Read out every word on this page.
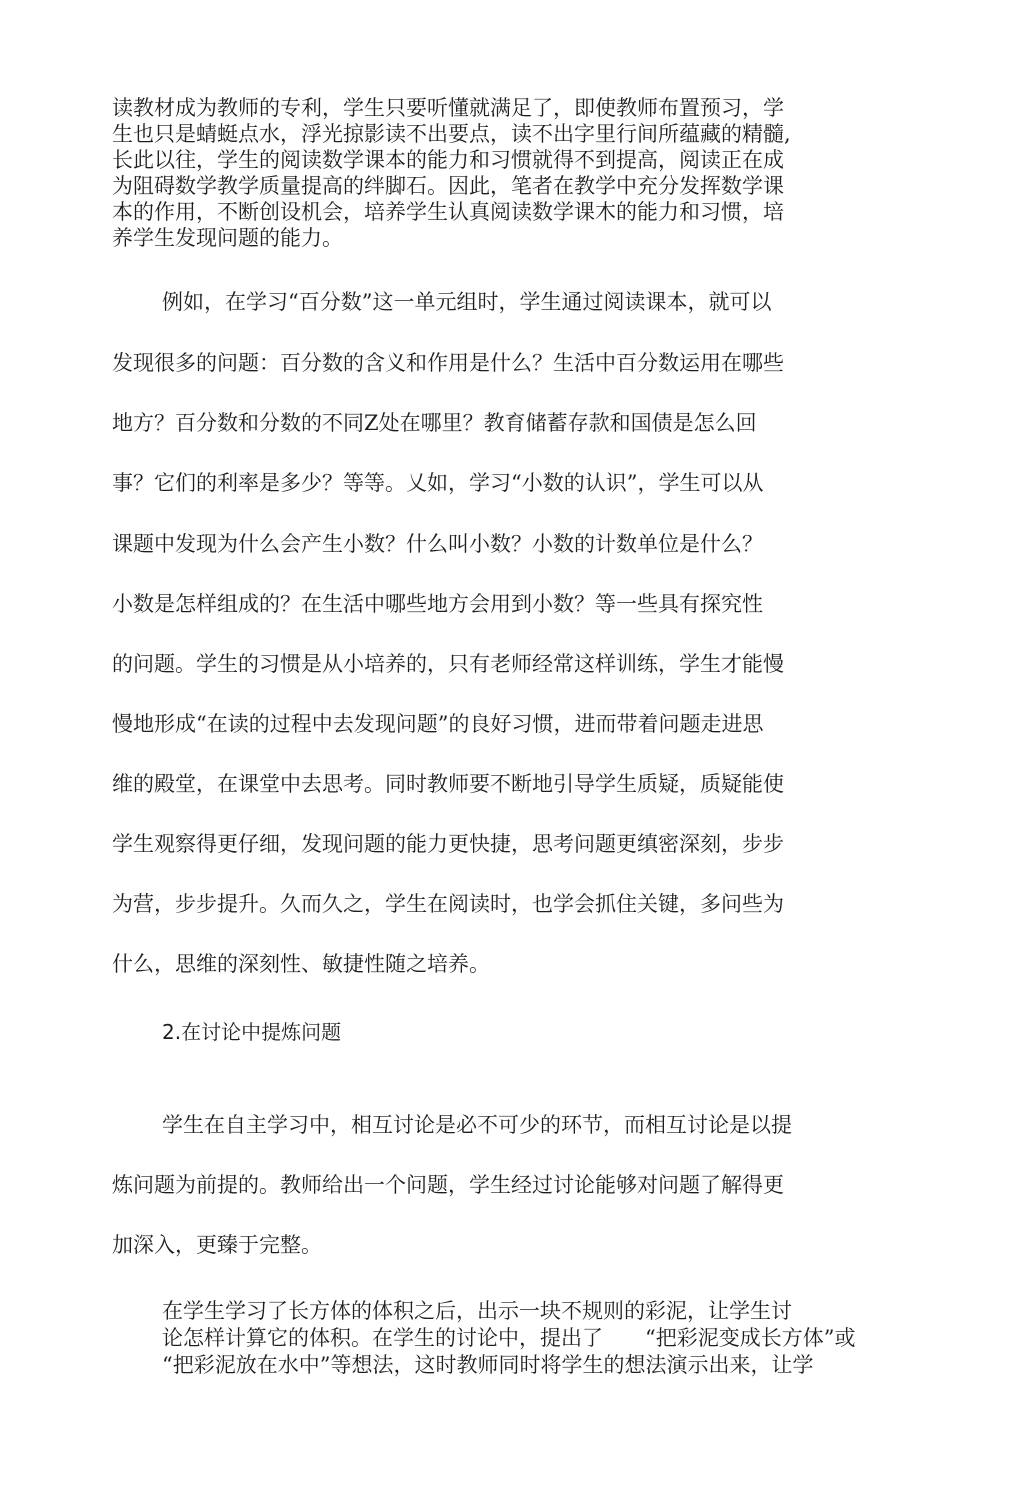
读教材成为教师的专利，学生只要听懂就满足了，即使教师布置预习，学
生也只是蜻蜓点水，浮光掠影读不出要点，读不出字里行间所蕴藏的精髓,
长此以往，学生的阅读数学课本的能力和习惯就得不到提高，阅读正在成
为阻碍数学教学质量提高的绊脚石。因此，笔者在教学中充分发挥数学课
本的作用，不断创设机会，培养学生认真阅读数学课木的能力和习惯，培
养学生发现问题的能力。
例如，在学习“百分数”这一单元组时，学生通过阅读课本，就可以
发现很多的问题：百分数的含义和作用是什么？生活中百分数运用在哪些
地方？百分数和分数的不同Z处在哪里？教育储蓄存款和国债是怎么回
事？它们的利率是多少？等等。乂如，学习“小数的认识”，学生可以从
课题中发现为什么会产生小数？什么叫小数？小数的计数单位是什么？
小数是怎样组成的？在生活中哪些地方会用到小数？等一些具有探究性
的问题。学生的习惯是从小培养的，只有老师经常这样训练，学生才能慢
慢地形成“在读的过程中去发现问题”的良好习惯，进而带着问题走进思
维的殿堂，在课堂中去思考。同时教师要不断地引导学生质疑，质疑能使
学生观察得更仔细，发现问题的能力更快捷，思考问题更缜密深刻，步步
为营，步步提升。久而久之，学生在阅读时，也学会抓住关键，多问些为
什么，思维的深刻性、敏捷性随之培养。
2.在讨论中提炼问题
学生在自主学习中，相互讨论是必不可少的环节，而相互讨论是以提
炼问题为前提的。教师给出一个问题，学生经过讨论能够对问题了解得更
加深入，更臻于完整。
在学生学习了长方体的体积之后，出示一块不规则的彩泥，让学生讨
论怎样计算它的体积。在学生的讨论中，提出了　　“把彩泥变成长方体”或
“把彩泥放在水中”等想法，这时教师同时将学生的想法演示出来，让学
